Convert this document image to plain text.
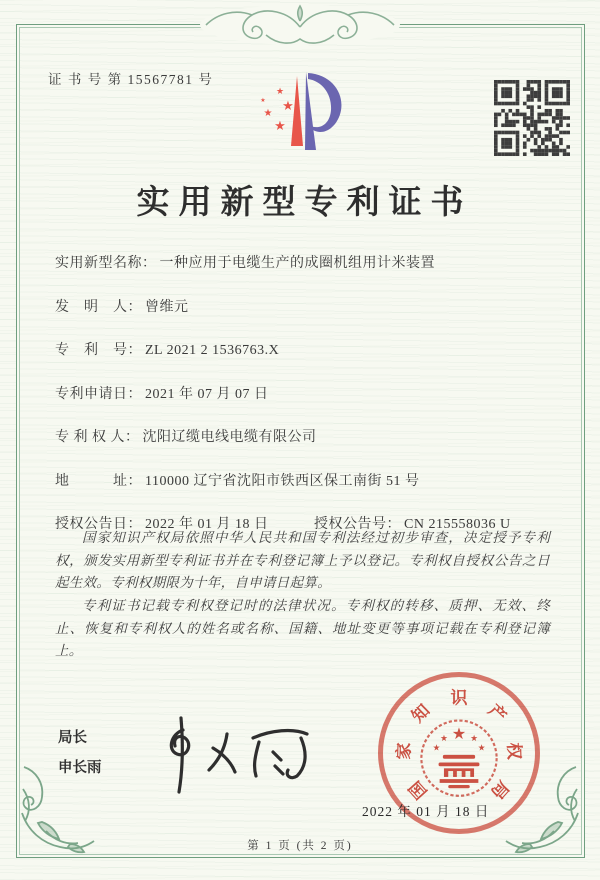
证 书 号 第 15567781 号
★
★
★
★
★
实用新型专利证书
实用新型名称： 一种应用于电缆生产的成圈机组用计米装置
发　明　人： 曾维元
专　利　号： ZL 2021 2 1536763.X
专利申请日： 2021 年 07 月 07 日
专 利 权 人： 沈阳辽缆电线电缆有限公司
地　　　址： 110000 辽宁省沈阳市铁西区保工南街 51 号
授权公告日： 2022 年 01 月 18 日	授权公告号： CN 215558036 U

国家知识产权局依照中华人民共和国专利法经过初步审查，决定授予专利权，颁发实用新型专利证书并在专利登记簿上予以登记。专利权自授权公告之日起生效。专利权期限为十年，自申请日起算。

专利证书记载专利权登记时的法律状况。专利权的转移、质押、无效、终止、恢复和专利权人的姓名或名称、国籍、地址变更等事项记载在专利登记簿上。

局长
申长雨
国
家
知
识
产
权
局
★
★	★
★	★
2022 年 01 月 18 日
第 1 页 (共 2 页)
